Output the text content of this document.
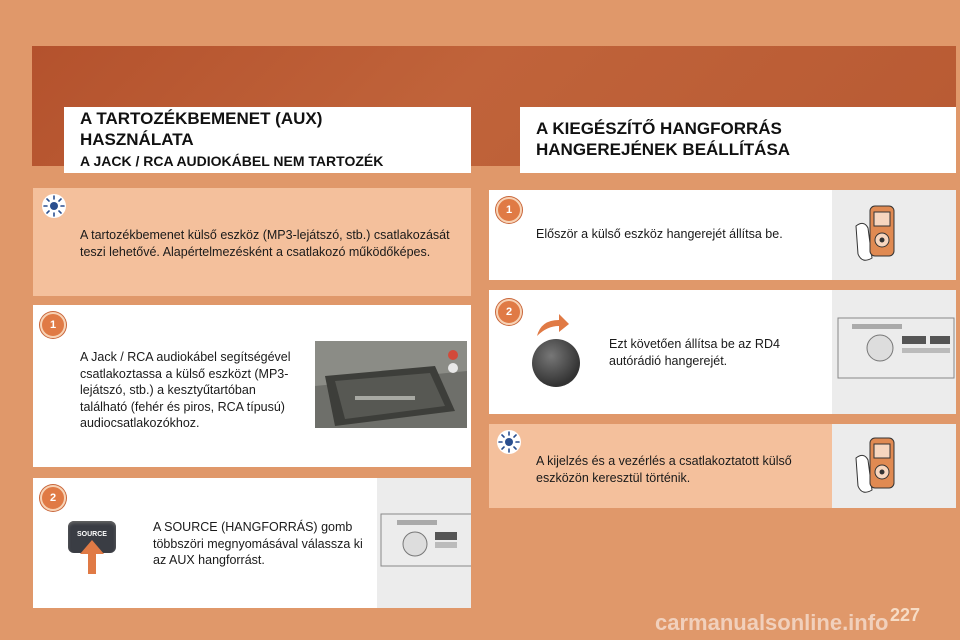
A TARTOZÉKBEMENET (AUX)
HASZNÁLATA
A JACK / RCA AUDIOKÁBEL NEM TARTOZÉK
A KIEGÉSZÍTŐ HANGFORRÁS
HANGEREJÉNEK BEÁLLÍTÁSA
A tartozékbemenet külső eszköz (MP3-lejátszó, stb.) csatlakozását teszi lehetővé. Alapértelmezésként a csatlakozó működőképes.
1
A Jack / RCA audiokábel segítségével csatlakoztassa a külső eszközt (MP3-lejátszó, stb.) a kesztyűtartóban található (fehér és piros, RCA típusú) audiocsatlakozókhoz.
2
A SOURCE (HANGFORRÁS) gomb többszöri megnyomásával válassza ki az AUX hangforrást.
SOURCE
1
Először a külső eszköz hangerejét állítsa be.
2
Ezt követően állítsa be az RD4 autórádió hangerejét.
A kijelzés és a vezérlés a csatlakoztatott külső eszközön keresztül történik.
carmanualsonline.info 227
